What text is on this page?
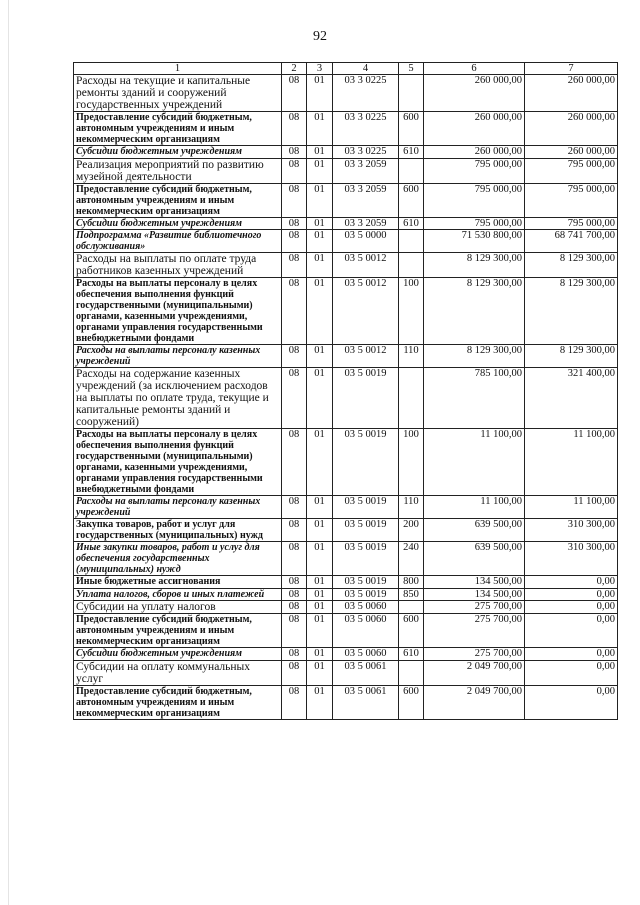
92
1	2	3	4	5	6	7
Расходы на текущие и капитальные ремонты зданий и сооружений государственных учреждений	08	01	03 3 0225		260 000,00	260 000,00
Предоставление субсидий бюджетным, автономным учреждениям и иным некоммерческим организациям	08	01	03 3 0225	600	260 000,00	260 000,00
Субсидии бюджетным учреждениям	08	01	03 3 0225	610	260 000,00	260 000,00
Реализация мероприятий по развитию музейной деятельности	08	01	03 3 2059		795 000,00	795 000,00
Предоставление субсидий бюджетным, автономным учреждениям и иным некоммерческим организациям	08	01	03 3 2059	600	795 000,00	795 000,00
Субсидии бюджетным учреждениям	08	01	03 3 2059	610	795 000,00	795 000,00
Подпрограмма «Развитие библиотечного обслуживания»	08	01	03 5 0000		71 530 800,00	68 741 700,00
Расходы на выплаты по оплате труда работников казенных учреждений	08	01	03 5 0012		8 129 300,00	8 129 300,00
Расходы на выплаты персоналу в целях обеспечения выполнения функций государственными (муниципальными) органами, казенными учреждениями, органами управления государственными внебюджетными фондами	08	01	03 5 0012	100	8 129 300,00	8 129 300,00
Расходы на выплаты персоналу казенных учреждений	08	01	03 5 0012	110	8 129 300,00	8 129 300,00
Расходы на содержание казенных учреждений (за исключением расходов на выплаты по оплате труда, текущие и капитальные ремонты зданий и сооружений)	08	01	03 5 0019		785 100,00	321 400,00
Расходы на выплаты персоналу в целях обеспечения выполнения функций государственными (муниципальными) органами, казенными учреждениями, органами управления государственными внебюджетными фондами	08	01	03 5 0019	100	11 100,00	11 100,00
Расходы на выплаты персоналу казенных учреждений	08	01	03 5 0019	110	11 100,00	11 100,00
Закупка товаров, работ и услуг для государственных (муниципальных) нужд	08	01	03 5 0019	200	639 500,00	310 300,00
Иные закупки товаров, работ и услуг для обеспечения государственных (муниципальных) нужд	08	01	03 5 0019	240	639 500,00	310 300,00
Иные бюджетные ассигнования	08	01	03 5 0019	800	134 500,00	0,00
Уплата налогов, сборов и иных платежей	08	01	03 5 0019	850	134 500,00	0,00
Субсидии на уплату налогов	08	01	03 5 0060		275 700,00	0,00
Предоставление субсидий бюджетным, автономным учреждениям и иным некоммерческим организациям	08	01	03 5 0060	600	275 700,00	0,00
Субсидии бюджетным учреждениям	08	01	03 5 0060	610	275 700,00	0,00
Субсидии на оплату коммунальных услуг	08	01	03 5 0061		2 049 700,00	0,00
Предоставление субсидий бюджетным, автономным учреждениям и иным некоммерческим организациям	08	01	03 5 0061	600	2 049 700,00	0,00
